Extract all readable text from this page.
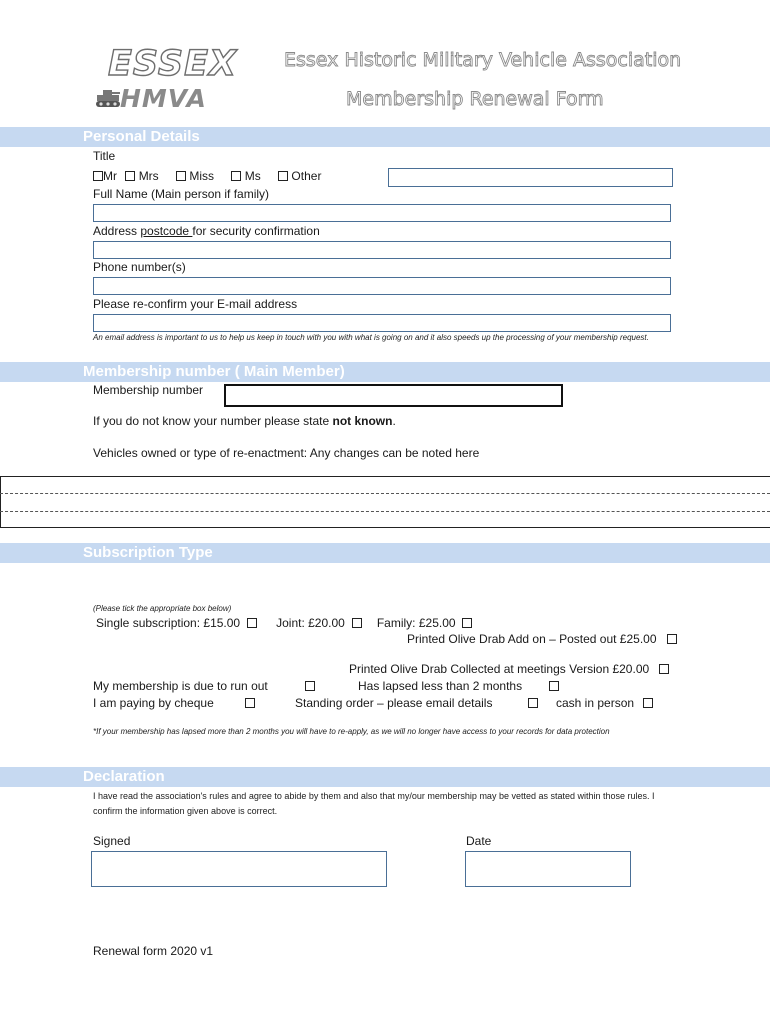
ESSEX
HMVA
Essex Historic Military Vehicle Association
Membership Renewal Form
Personal Details
Title
Mr Mrs	Miss	Ms	Other
Full Name (Main person if family)
Address postcode for security confirmation
Phone number(s)
Please re-confirm your E-mail address
An email address is important to us to help us keep in touch with you with what is going on and it also speeds up the processing of your membership request.
Membership number ( Main Member)
Membership number
If you do not know your number please state not known.
Vehicles owned or type of re-enactment: Any changes can be noted here
Subscription Type
(Please tick the appropriate box below)
Single subscription: £15.00	Joint: £20.00	Family: £25.00
Printed Olive Drab Add on – Posted out £25.00
Printed Olive Drab Collected at meetings Version £20.00
My membership is due to run out	Has lapsed less than 2 months
I am paying by cheque	Standing order – please email details	cash in person
*If your membership has lapsed more than 2 months you will have to re-apply, as we will no longer have access to your records for data protection
Declaration
I have read the association's rules and agree to abide by them and also that my/our membership may be vetted as stated within those rules. I confirm the information given above is correct.
Signed	Date
Renewal form 2020 v1
